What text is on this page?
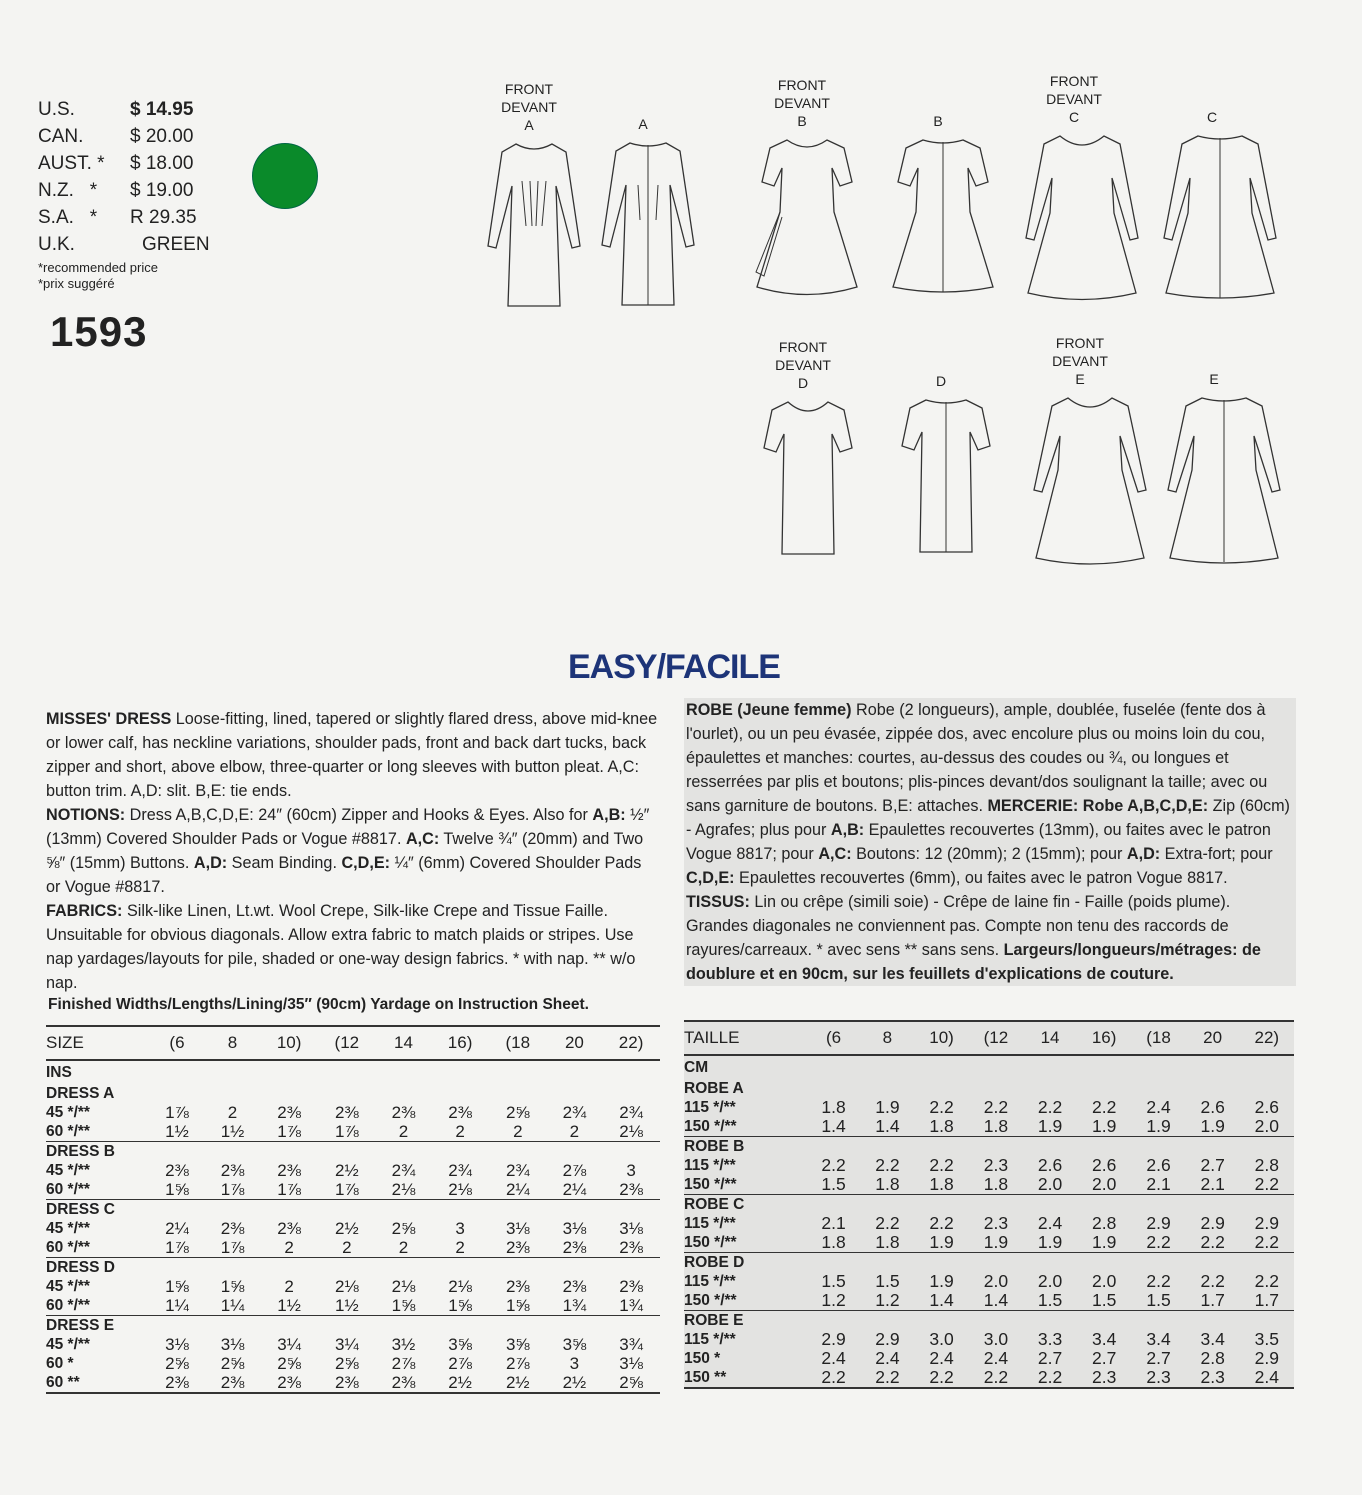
U.S.	$ 14.95
CAN.	$ 20.00
AUST. *	$ 18.00
N.Z.   *	$ 19.00
S.A.   *	R 29.35
U.K.	GREEN
*recommended price
*prix suggéré
1593
FRONT
DEVANT
A	A
FRONT
DEVANT
B	B
FRONT
DEVANT
C	C
FRONT
DEVANT
D	D
FRONT
DEVANT
E	E
EASY/FACILE
MISSES' DRESS Loose-fitting, lined, tapered or slightly flared dress, above mid-knee or lower calf, has neckline variations, shoulder pads, front and back dart tucks, back zipper and short, above elbow, three-quarter or long sleeves with button pleat. A,C: button trim. A,D: slit. B,E: tie ends.
NOTIONS: Dress A,B,C,D,E: 24″ (60cm) Zipper and Hooks & Eyes. Also for A,B: ½″ (13mm) Covered Shoulder Pads or Vogue #8817. A,C: Twelve ¾″ (20mm) and Two ⅝″ (15mm) Buttons. A,D: Seam Binding. C,D,E: ¼″ (6mm) Covered Shoulder Pads or Vogue #8817.
FABRICS: Silk-like Linen, Lt.wt. Wool Crepe, Silk-like Crepe and Tissue Faille. Unsuitable for obvious diagonals. Allow extra fabric to match plaids or stripes. Use nap yardages/layouts for pile, shaded or one-way design fabrics. * with nap. ** w/o nap.
Finished Widths/Lengths/Lining/35″ (90cm) Yardage on Instruction Sheet.
ROBE (Jeune femme) Robe (2 longueurs), ample, doublée, fuselée (fente dos à l'ourlet), ou un peu évasée, zippée dos, avec encolure plus ou moins loin du cou, épaulettes et manches: courtes, au-dessus des coudes ou ¾, ou longues et resserrées par plis et boutons; plis-pinces devant/dos soulignant la taille; avec ou sans garniture de boutons. B,E: attaches. MERCERIE: Robe A,B,C,D,E: Zip (60cm) - Agrafes; plus pour A,B: Epaulettes recouvertes (13mm), ou faites avec le patron Vogue 8817; pour A,C: Boutons: 12 (20mm); 2 (15mm); pour A,D: Extra-fort; pour C,D,E: Epaulettes recouvertes (6mm), ou faites avec le patron Vogue 8817. TISSUS: Lin ou crêpe (simili soie) - Crêpe de laine fin - Faille (poids plume). Grandes diagonales ne conviennent pas. Compte non tenu des raccords de rayures/carreaux. * avec sens ** sans sens. Largeurs/longueurs/métrages: de doublure et en 90cm, sur les feuillets d'explications de couture.
SIZE	(6	8	10)	(12	14	16)	(18	20	22)
INS									
DRESS A									
45 */**	1⅞	2	2⅜	2⅜	2⅜	2⅜	2⅝	2¾	2¾
60 */**	1½	1½	1⅞	1⅞	2	2	2	2	2⅛
DRESS B									
45 */**	2⅜	2⅜	2⅜	2½	2¾	2¾	2¾	2⅞	3
60 */**	1⅝	1⅞	1⅞	1⅞	2⅛	2⅛	2¼	2¼	2⅜
DRESS C									
45 */**	2¼	2⅜	2⅜	2½	2⅝	3	3⅛	3⅛	3⅛
60 */**	1⅞	1⅞	2	2	2	2	2⅜	2⅜	2⅜
DRESS D									
45 */**	1⅝	1⅝	2	2⅛	2⅛	2⅛	2⅜	2⅜	2⅜
60 */**	1¼	1¼	1½	1½	1⅝	1⅝	1⅝	1¾	1¾
DRESS E									
45 */**	3⅛	3⅛	3¼	3¼	3½	3⅝	3⅝	3⅝	3¾
60 *	2⅝	2⅝	2⅝	2⅝	2⅞	2⅞	2⅞	3	3⅛
60 **	2⅜	2⅜	2⅜	2⅜	2⅜	2½	2½	2½	2⅝
TAILLE	(6	8	10)	(12	14	16)	(18	20	22)
CM									
ROBE A									
115 */**	1.8	1.9	2.2	2.2	2.2	2.2	2.4	2.6	2.6
150 */**	1.4	1.4	1.8	1.8	1.9	1.9	1.9	1.9	2.0
ROBE B									
115 */**	2.2	2.2	2.2	2.3	2.6	2.6	2.6	2.7	2.8
150 */**	1.5	1.8	1.8	1.8	2.0	2.0	2.1	2.1	2.2
ROBE C									
115 */**	2.1	2.2	2.2	2.3	2.4	2.8	2.9	2.9	2.9
150 */**	1.8	1.8	1.9	1.9	1.9	1.9	2.2	2.2	2.2
ROBE D									
115 */**	1.5	1.5	1.9	2.0	2.0	2.0	2.2	2.2	2.2
150 */**	1.2	1.2	1.4	1.4	1.5	1.5	1.5	1.7	1.7
ROBE E									
115 */**	2.9	2.9	3.0	3.0	3.3	3.4	3.4	3.4	3.5
150 *	2.4	2.4	2.4	2.4	2.7	2.7	2.7	2.8	2.9
150 **	2.2	2.2	2.2	2.2	2.2	2.3	2.3	2.3	2.4
